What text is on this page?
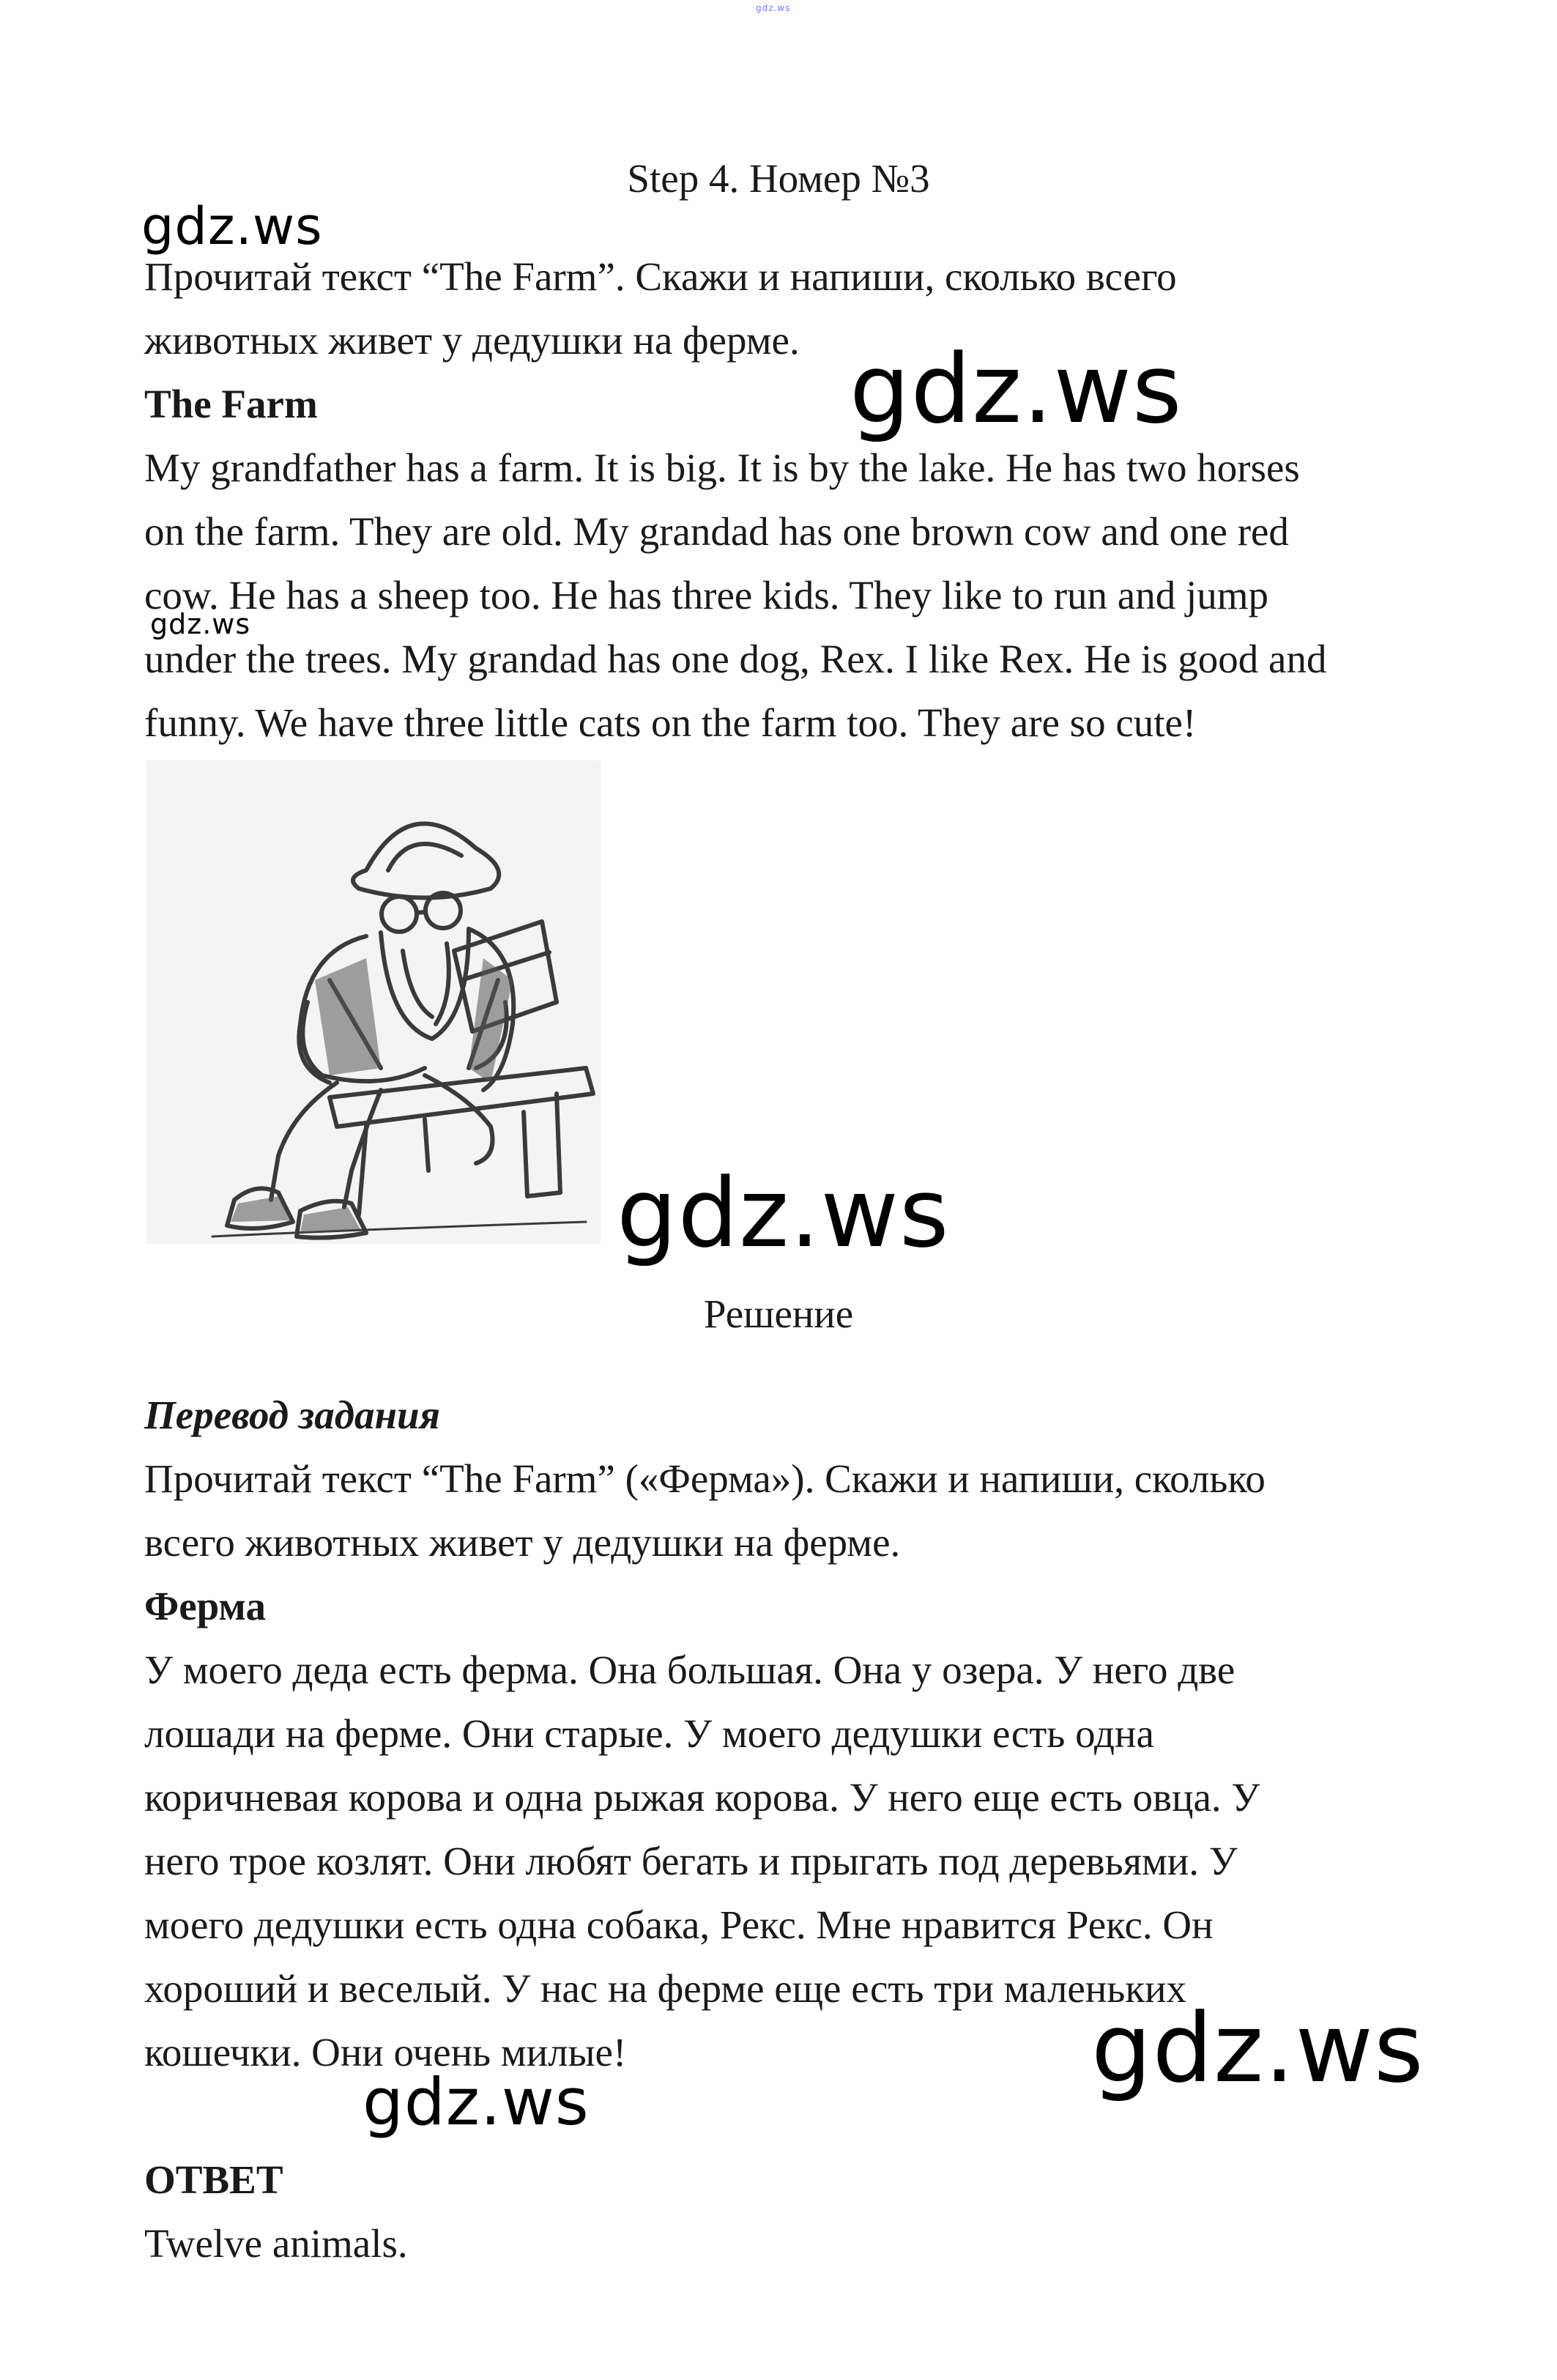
gdz.ws

Step 4. Номер №3

gdz.ws

Прочитай текст “The Farm”. Скажи и напиши, сколько всего

животных живет у дедушки на ферме. gdz.ws

The Farm

My grandfather has a farm. It is big. It is by the lake. He has two horses

on the farm. They are old. My grandad has one brown cow and one red

cow. He has a sheep too. He has three kids. They like to run and jump

gdz.ws

under the trees. My grandad has one dog, Rex. I like Rex. He is good and

funny. We have three little cats on the farm too. They are so cute!

gdz.ws

Решение

Перевод задания

Прочитай текст “The Farm” («Ферма»). Скажи и напиши, сколько

всего животных живет у дедушки на ферме.

Ферма

У моего деда есть ферма. Она большая. Она у озера. У него две

лошади на ферме. Они старые. У моего дедушки есть одна

коричневая корова и одна рыжая корова. У него еще есть овца. У

него трое козлят. Они любят бегать и прыгать под деревьями. У

моего дедушки есть одна собака, Рекс. Мне нравится Рекс. Он

хороший и веселый. У нас на ферме еще есть три маленьких

кошечки. Они очень милые!	gdz.ws
gdz.ws

ОТВЕТ

Twelve animals.
